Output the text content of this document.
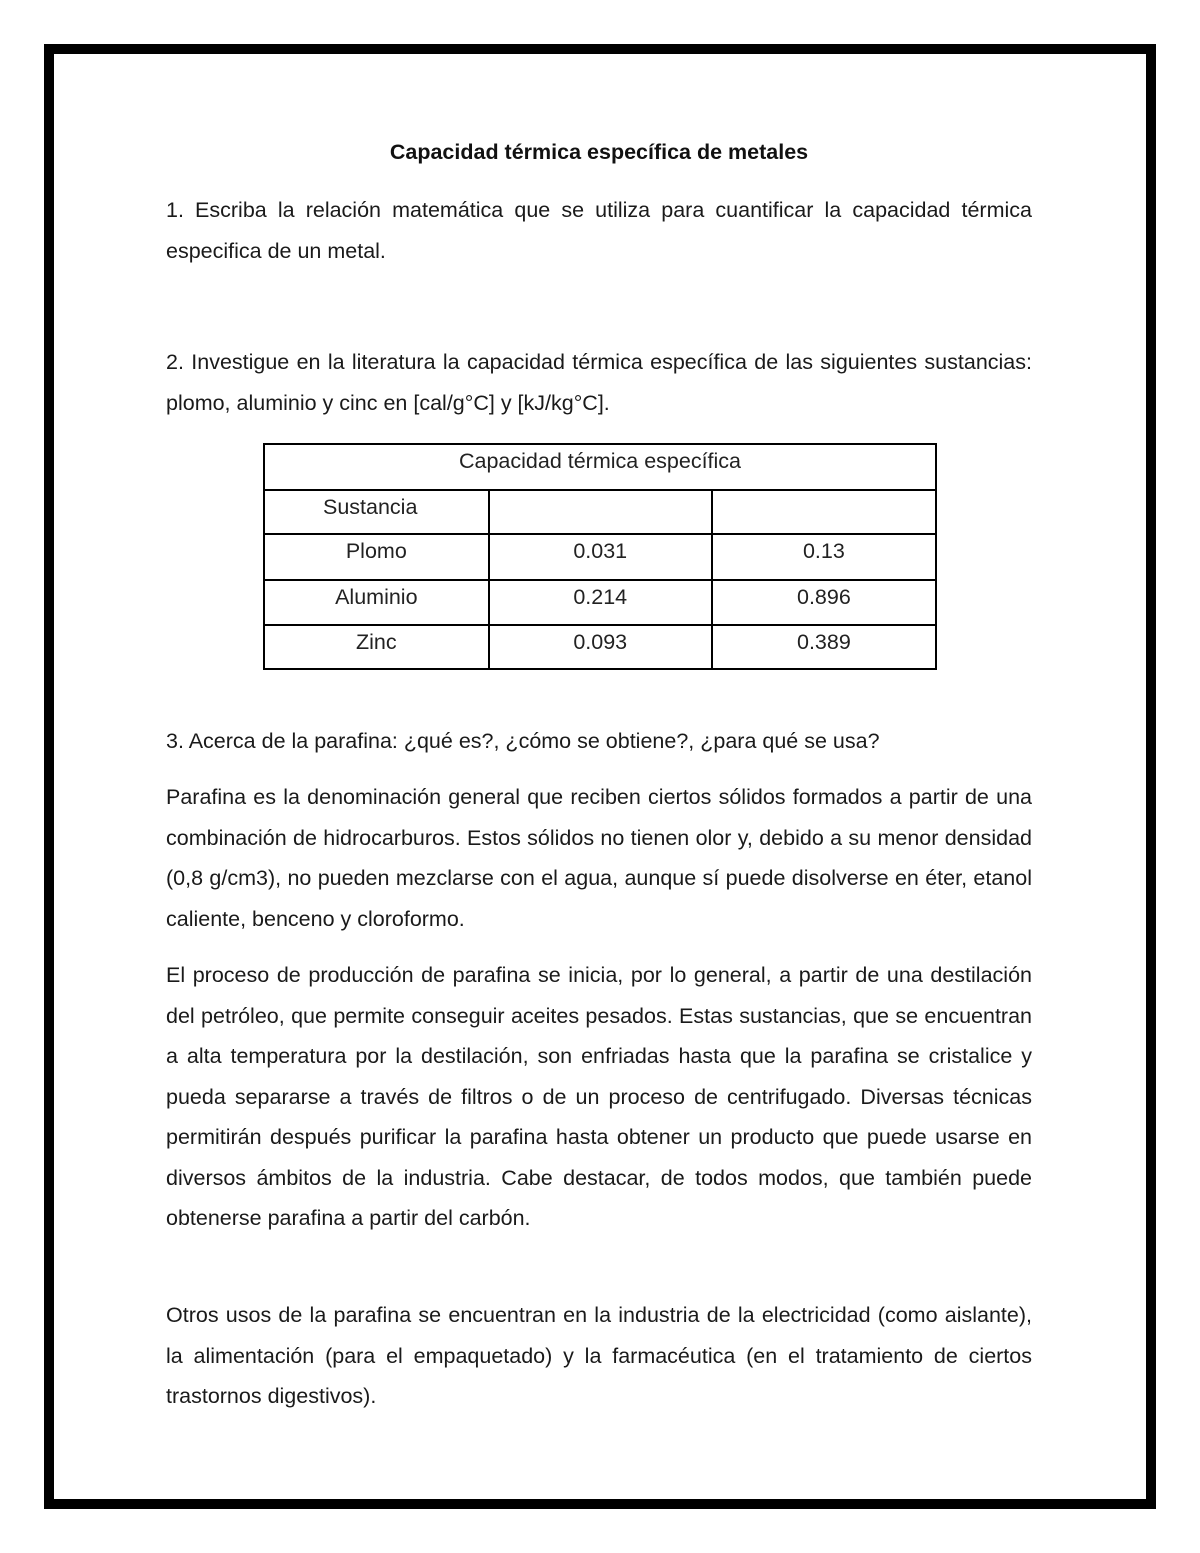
Capacidad térmica específica de metales

1. Escriba la relación matemática que se utiliza para cuantificar la capacidad térmica especifica de un metal.

2. Investigue en la literatura la capacidad térmica específica de las siguientes sustancias: plomo, aluminio y cinc en [cal/g°C] y [kJ/kg°C].

3. Acerca de la parafina: ¿qué es?, ¿cómo se obtiene?, ¿para qué se usa?

Parafina es la denominación general que reciben ciertos sólidos formados a partir de una combinación de hidrocarburos. Estos sólidos no tienen olor y, debido a su menor densidad (0,8 g/cm3), no pueden mezclarse con el agua, aunque sí puede disolverse en éter, etanol caliente, benceno y cloroformo.

El proceso de producción de parafina se inicia, por lo general, a partir de una destilación del petróleo, que permite conseguir aceites pesados. Estas sustancias, que se encuentran a alta temperatura por la destilación, son enfriadas hasta que la parafina se cristalice y pueda separarse a través de filtros o de un proceso de centrifugado. Diversas técnicas permitirán después purificar la parafina hasta obtener un producto que puede usarse en diversos ámbitos de la industria. Cabe destacar, de todos modos, que también puede obtenerse parafina a partir del carbón.

Otros usos de la parafina se encuentran en la industria de la electricidad (como aislante), la alimentación (para el empaquetado) y la farmacéutica (en el tratamiento de ciertos trastornos digestivos).

Capacidad térmica específica		
Sustancia		
Plomo	0.031	0.13
Aluminio	0.214	0.896
Zinc	0.093	0.389
